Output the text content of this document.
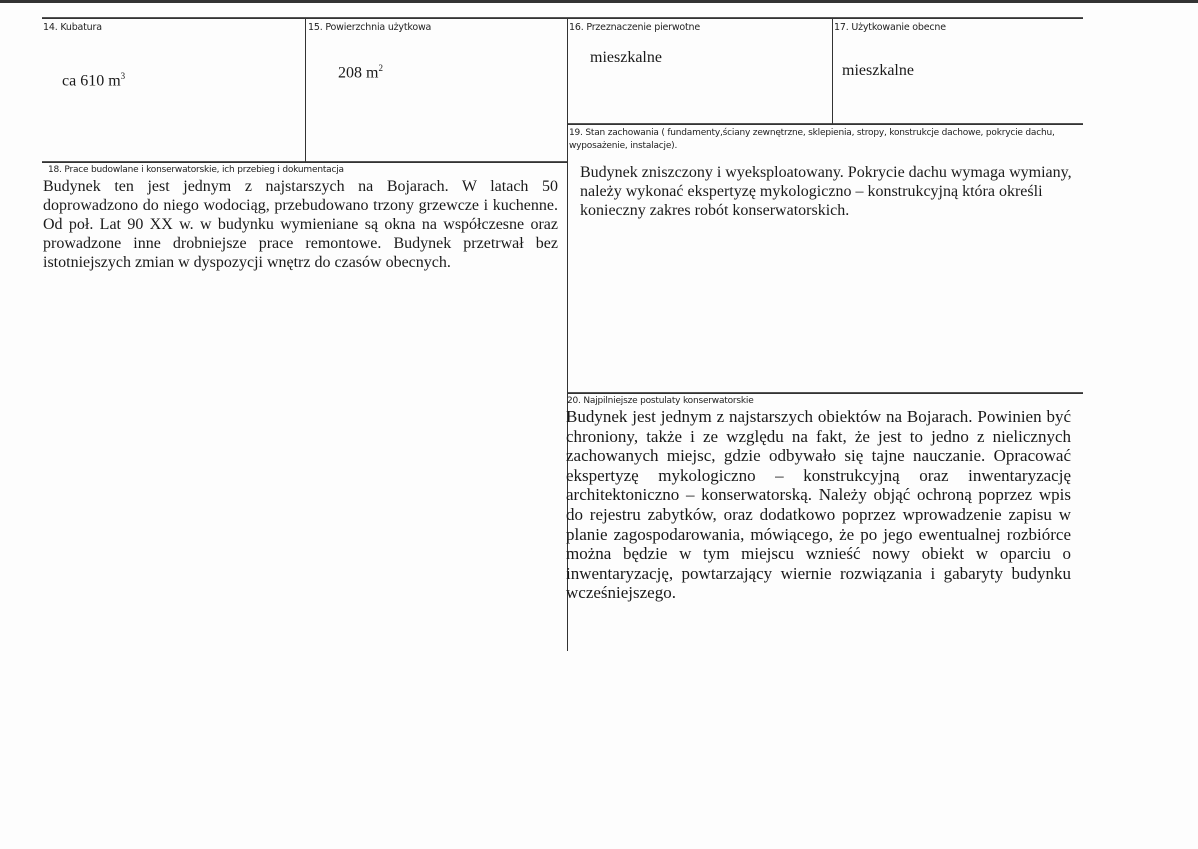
14. Kubatura
ca 610 $m^3$
15. Powierzchnia użytkowa
208 $m^2$
16. Przeznaczenie pierwotne
mieszkalne
17. Użytkowanie obecne
mieszkalne
19. Stan zachowania ( fundamenty,ściany zewnętrzne, sklepienia, stropy, konstrukcje dachowe, pokrycie dachu,
wyposażenie, instalacje).
Budynek zniszczony i wyeksploatowany. Pokrycie dachu wymaga wymiany, należy wykonać ekspertyzę mykologiczno – konstrukcyjną która określi konieczny zakres robót konserwatorskich.
18. Prace budowlane i konserwatorskie, ich przebieg i dokumentacja
Budynek ten jest jednym z najstarszych na Bojarach. W latach 50 doprowadzono do niego wodociąg, przebudowano trzony grzewcze i kuchenne. Od poł. Lat 90 XX w. w budynku wymieniane są okna na współczesne oraz prowadzone inne drobniejsze prace remontowe. Budynek przetrwał bez istotniejszych zmian w dyspozycji wnętrz do czasów obecnych.
20. Najpilniejsze postulaty konserwatorskie
Budynek jest jednym z najstarszych obiektów na Bojarach. Powinien być chroniony, także i ze względu na fakt, że jest to jedno z nielicznych zachowanych miejsc, gdzie odbywało się tajne nauczanie. Opracować ekspertyzę mykologiczno – konstrukcyjną oraz inwentaryzację architektoniczno – konserwatorską. Należy objąć ochroną poprzez wpis do rejestru zabytków, oraz dodatkowo poprzez wprowadzenie zapisu w planie zagospodarowania, mówiącego, że po jego ewentualnej rozbiórce można będzie w tym miejscu wznieść nowy obiekt w oparciu o inwentaryzację, powtarzający wiernie rozwiązania i gabaryty budynku wcześniejszego.
